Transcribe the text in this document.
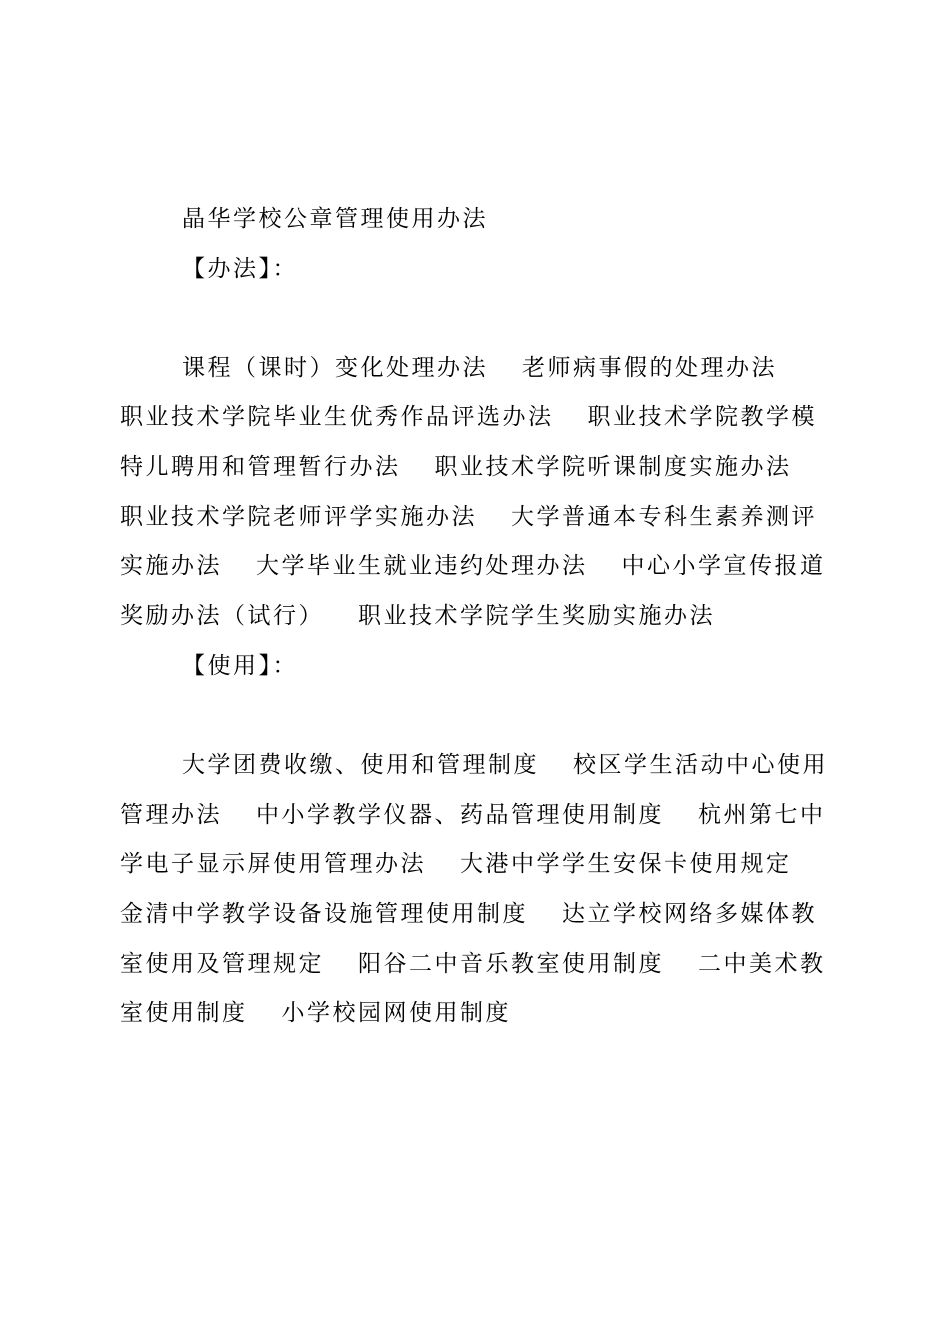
晶华学校公章管理使用办法
【办法】：
课程（课时）变化处理办法 老师病事假的处理办法
职业技术学院毕业生优秀作品评选办法 职业技术学院教学模
特儿聘用和管理暂行办法 职业技术学院听课制度实施办法
职业技术学院老师评学实施办法 大学普通本专科生素养测评
实施办法 大学毕业生就业违约处理办法 中心小学宣传报道
奖励办法（试行） 职业技术学院学生奖励实施办法
【使用】：
大学团费收缴、使用和管理制度 校区学生活动中心使用
管理办法 中小学教学仪器、药品管理使用制度 杭州第七中
学电子显示屏使用管理办法 大港中学学生安保卡使用规定
金清中学教学设备设施管理使用制度 达立学校网络多媒体教
室使用及管理规定 阳谷二中音乐教室使用制度 二中美术教
室使用制度 小学校园网使用制度
